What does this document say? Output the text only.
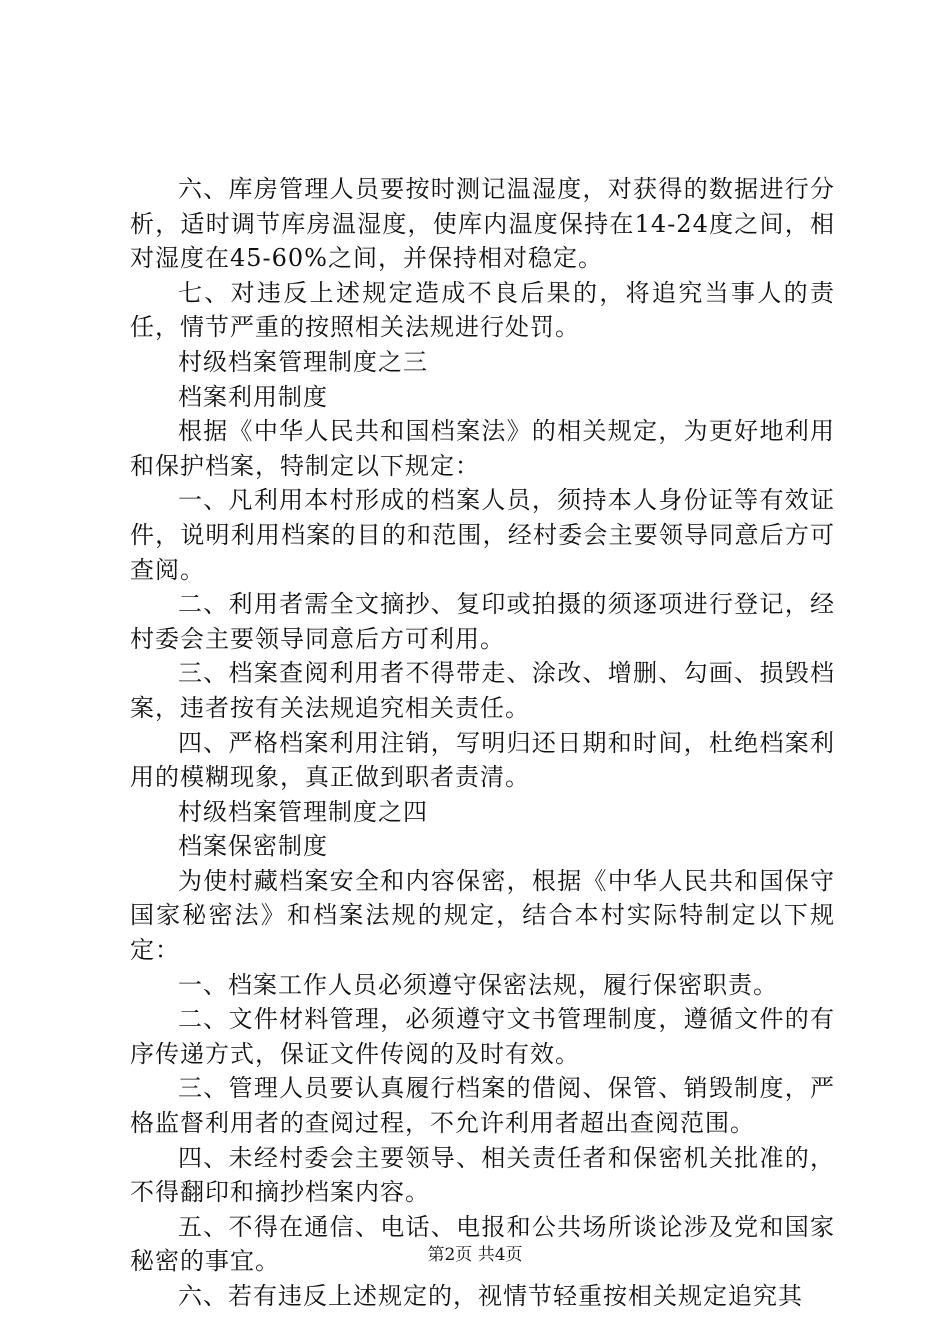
六、库房管理人员要按时测记温湿度，对获得的数据进行分析，适时调节库房温湿度，使库内温度保持在14-24度之间，相对湿度在45-60%之间，并保持相对稳定。

七、对违反上述规定造成不良后果的，将追究当事人的责任，情节严重的按照相关法规进行处罚。

村级档案管理制度之三

档案利用制度

根据《中华人民共和国档案法》的相关规定，为更好地利用和保护档案，特制定以下规定：

一、凡利用本村形成的档案人员，须持本人身份证等有效证件，说明利用档案的目的和范围，经村委会主要领导同意后方可查阅。

二、利用者需全文摘抄、复印或拍摄的须逐项进行登记，经村委会主要领导同意后方可利用。

三、档案查阅利用者不得带走、涂改、增删、勾画、损毁档案，违者按有关法规追究相关责任。

四、严格档案利用注销，写明归还日期和时间，杜绝档案利用的模糊现象，真正做到职者责清。

村级档案管理制度之四

档案保密制度

为使村藏档案安全和内容保密，根据《中华人民共和国保守国家秘密法》和档案法规的规定，结合本村实际特制定以下规定：

一、档案工作人员必须遵守保密法规，履行保密职责。

二、文件材料管理，必须遵守文书管理制度，遵循文件的有序传递方式，保证文件传阅的及时有效。

三、管理人员要认真履行档案的借阅、保管、销毁制度，严格监督利用者的查阅过程，不允许利用者超出查阅范围。

四、未经村委会主要领导、相关责任者和保密机关批准的，不得翻印和摘抄档案内容。

五、不得在通信、电话、电报和公共场所谈论涉及党和国家秘密的事宜。

六、若有违反上述规定的，视情节轻重按相关规定追究其

第2页 共4页
